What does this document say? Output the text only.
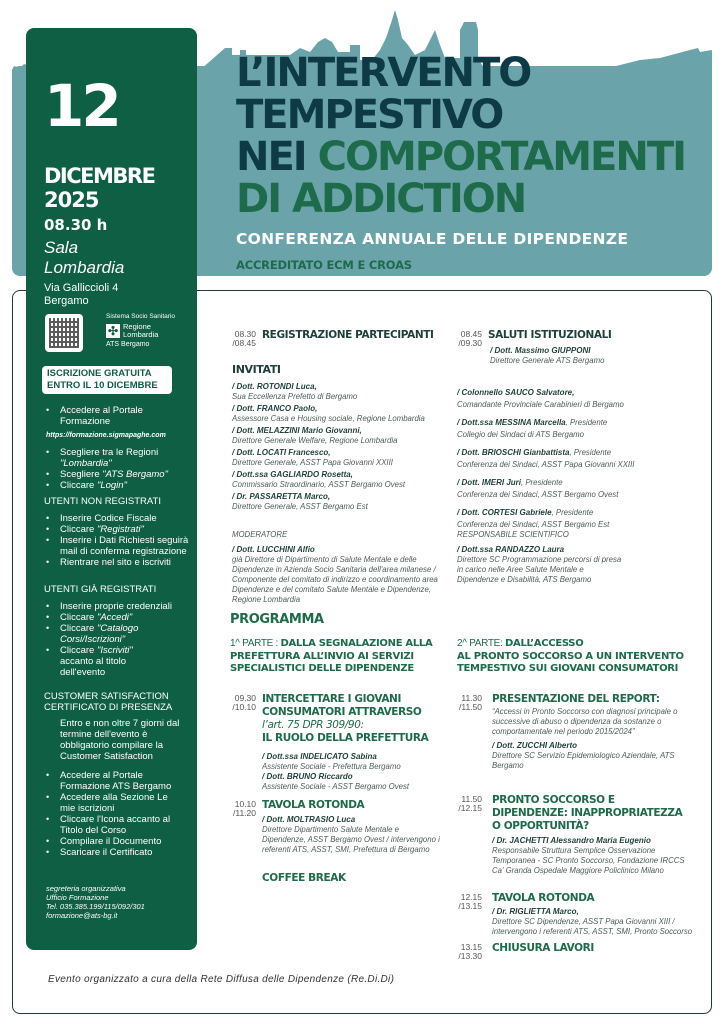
L’INTERVENTO
TEMPESTIVO
NEI COMPORTAMENTI
DI ADDICTION
CONFERENZA ANNUALE DELLE DIPENDENZE
ACCREDITATO ECM E CROAS
12
DICEMBRE
2025
08.30 h
Sala
Lombardia
Via Galliccioli 4
Bergamo
Sistema Socio Sanitario
✣ Regione
Lombardia
ATS Bergamo
ISCRIZIONE GRATUITA
ENTRO IL 10 DICEMBRE
• Accedere al Portale Formazione
https://formazione.sigmapaghe.com
• Scegliere tra le Regioni "Lombardia"
• Scegliere "ATS Bergamo"
• Cliccare "Login"
UTENTI NON REGISTRATI
• Inserire Codice Fiscale
• Cliccare "Registrati"
• Inserire i Dati Richiesti seguirà mail di conferma registrazione
• Rientrare nel sito e iscriviti
UTENTI GIÀ REGISTRATI
• Inserire proprie credenziali
• Cliccare "Accedi"
• Cliccare "Catalogo Corsi/Iscrizioni"
• Cliccare "Iscriviti" accanto al titolo dell'evento
CUSTOMER SATISFACTION
CERTIFICATO DI PRESENZA
Entro e non oltre 7 giorni dal termine dell'evento è obbligatorio compilare la Customer Satisfaction
• Accedere al Portale Formazione ATS Bergamo
• Accedere alla Sezione Le mie iscrizioni
• Cliccare l'Icona accanto al Titolo del Corso
• Compilare il Documento
• Scaricare il Certificato
segreteria organizzativa
Ufficio Formazione
Tel. 035.385.199/115/092/301
formazione@ats-bg.it
08.30
/08.45
REGISTRAZIONE PARTECIPANTI
INVITATI
/ Dott. ROTONDI Luca,
Sua Eccellenza Prefetto di Bergamo
/ Dott. FRANCO Paolo,
Assessore Casa e Housing sociale, Regione Lombardia
/ Dott. MELAZZINI Mario Giovanni,
Direttore Generale Welfare, Regione Lombardia
/ Dott. LOCATI Francesco,
Direttore Generale, ASST Papa Giovanni XXIII
/ Dott.ssa GAGLIARDO Rosetta,
Commissario Straordinario, ASST Bergamo Ovest
/ Dr. PASSARETTA Marco,
Direttore Generale, ASST Bergamo Est
MODERATORE
/ Dott. LUCCHINI Alfio
già Direttore di Dipartimento di Salute Mentale e delle Dipendenze in Azienda Socio Sanitaria dell'area milanese / Componente del comitato di indirizzo e coordinamento area Dipendenze e del comitato Salute Mentale e Dipendenze, Regione Lombardia
PROGRAMMA
1^ PARTE : DALLA SEGNALAZIONE ALLA PREFETTURA ALL’INVIO AI SERVIZI SPECIALISTICI DELLE DIPENDENZE
09.30
/10.10
INTERCETTARE I GIOVANI
CONSUMATORI ATTRAVERSO
l’art. 75 DPR 309/90:
IL RUOLO DELLA PREFETTURA
/ Dott.ssa INDELICATO Sabina
Assistente Sociale - Prefettura Bergamo
/ Dott. BRUNO Riccardo
Assistente Sociale - ASST Bergamo Ovest
10.10
/11.20
TAVOLA ROTONDA
/ Dott. MOLTRASIO Luca
Direttore Dipartimento Salute Mentale e Dipendenze, ASST Bergamo Ovest / intervengono i referenti ATS, ASST, SMI, Prefettura di Bergamo
COFFEE BREAK
08.45
/09.30
SALUTI ISTITUZIONALI
/ Dott. Massimo GIUPPONI
Direttore Generale ATS Bergamo
/ Colonnello SAUCO Salvatore,
Comandante Provinciale Carabinieri di Bergamo
/ Dott.ssa MESSINA Marcella, Presidente
Collegio dei Sindaci di ATS Bergamo
/ Dott. BRIOSCHI Gianbattista, Presidente
Conferenza dei Sindaci, ASST Papa Giovanni XXIII
/ Dott. IMERI Juri, Presidente
Conferenza dei Sindaci, ASST Bergamo Ovest
/ Dott. CORTESI Gabriele, Presidente
Conferenza dei Sindaci, ASST Bergamo Est
RESPONSABILE SCIENTIFICO
/ Dott.ssa RANDAZZO Laura
Direttore SC Programmazione percorsi di presa in carico nelle Aree Salute Mentale e Dipendenze e Disabilità, ATS Bergamo
2^ PARTE: DALL’ACCESSO
AL PRONTO SOCCORSO A UN INTERVENTO TEMPESTIVO SUI GIOVANI CONSUMATORI
11.30
/11.50
PRESENTAZIONE DEL REPORT:
“Accessi in Pronto Soccorso con diagnosi principale o successive di abuso o dipendenza da sostanze o comportamentale nel periodo 2015/2024”
/ Dott. ZUCCHI Alberto
Direttore SC Servizio Epidemiologico Aziendale, ATS Bergamo
11.50
/12.15
PRONTO SOCCORSO E DIPENDENZE: INAPPROPRIATEZZA O OPPORTUNITÀ?
/ Dr. JACHETTI Alessandro Maria Eugenio
Responsabile Struttura Semplice Osservazione Temporanea - SC Pronto Soccorso, Fondazione IRCCS Ca' Granda Ospedale Maggiore Policlinico Milano
12.15
/13.15
TAVOLA ROTONDA
/ Dr. RIGLIETTA Marco,
Direttore SC Dipendenze, ASST Papa Giovanni XIII / intervengono i referenti ATS, ASST, SMI, Pronto Soccorso
13.15
/13.30
CHIUSURA LAVORI
Evento organizzato a cura della Rete Diffusa delle Dipendenze (Re.Di.Di)
